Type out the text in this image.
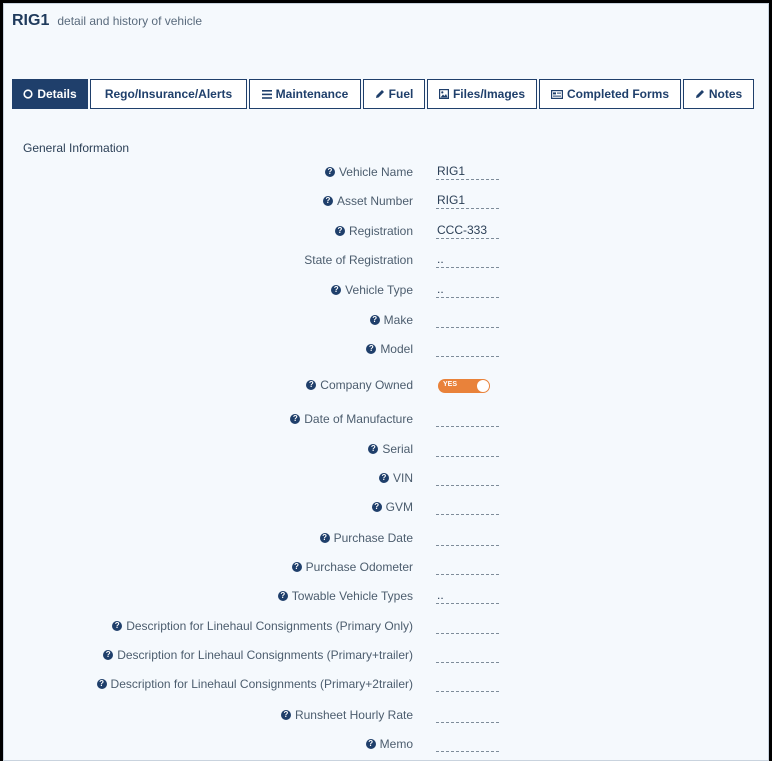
RIG1 detail and history of vehicle
Details Rego/Insurance/Alerts	Maintenance	Fuel	Files/Images	Completed Forms	Notes
General Information
? Vehicle Name RIG1
? Asset Number RIG1
? Registration CCC-333
State of Registration ..
? Vehicle Type ..
? Make
? Model
? Company Owned	YES
? Date of Manufacture
? Serial
? VIN
? GVM
? Purchase Date
? Purchase Odometer
? Towable Vehicle Types ..
? Description for Linehaul Consignments (Primary Only)
? Description for Linehaul Consignments (Primary+trailer)
? Description for Linehaul Consignments (Primary+2trailer)
? Runsheet Hourly Rate
? Memo
